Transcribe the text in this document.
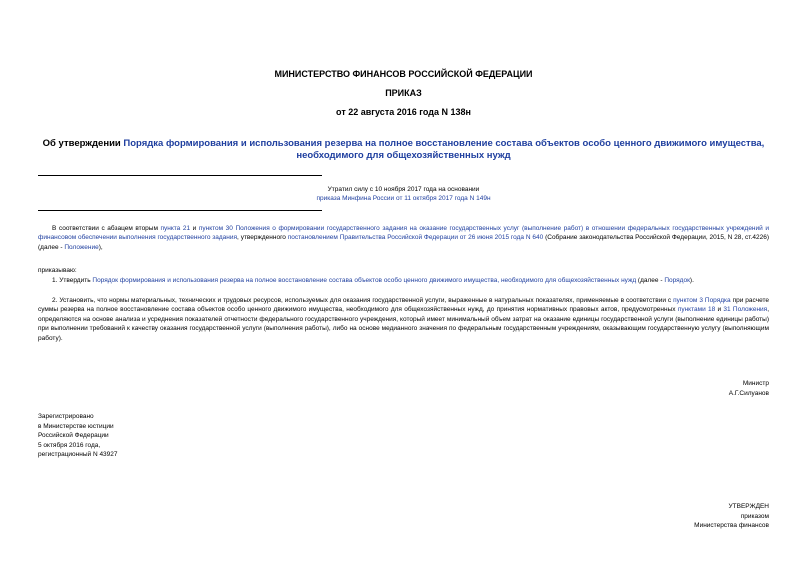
МИНИСТЕРСТВО ФИНАНСОВ РОССИЙСКОЙ ФЕДЕРАЦИИ
ПРИКАЗ
от 22 августа 2016 года N 138н
Об утверждении Порядка формирования и использования резерва на полное восстановление состава объектов особо ценного движимого имущества, необходимого для общехозяйственных нужд
Утратил силу с 10 ноября 2017 года на основании
приказа Минфина России от 11 октября 2017 года N 149н
В соответствии с абзацем вторым пункта 21 и пунктом 30 Положения о формировании государственного задания на оказание государственных услуг (выполнение работ) в отношении федеральных государственных учреждений и финансовом обеспечении выполнения государственного задания, утвержденного постановлением Правительства Российской Федерации от 26 июня 2015 года N 640 (Собрание законодательства Российской Федерации, 2015, N 28, ст.4226) (далее - Положение),
приказываю:
1. Утвердить Порядок формирования и использования резерва на полное восстановление состава объектов особо ценного движимого имущества, необходимого для общехозяйственных нужд (далее - Порядок).
2. Установить, что нормы материальных, технических и трудовых ресурсов, используемых для оказания государственной услуги, выраженные в натуральных показателях, применяемые в соответствии с пунктом 3 Порядка при расчете суммы резерва на полное восстановление состава объектов особо ценного движимого имущества, необходимого для общехозяйственных нужд, до принятия нормативных правовых актов, предусмотренных пунктами 18 и 31 Положения, определяются на основе анализа и усреднения показателей отчетности федерального государственного учреждения, который имеет минимальный объем затрат на оказание единицы государственной услуги (выполнение единицы работы) при выполнении требований к качеству оказания государственной услуги (выполнения работы), либо на основе медианного значения по федеральным государственным учреждениям, оказывающим государственную услугу (выполняющим работу).
Министр
А.Г.Силуанов
Зарегистрировано
в Министерстве юстиции
Российской Федерации
5 октября 2016 года,
регистрационный N 43927
УТВЕРЖДЕН
приказом
Министерства финансов
